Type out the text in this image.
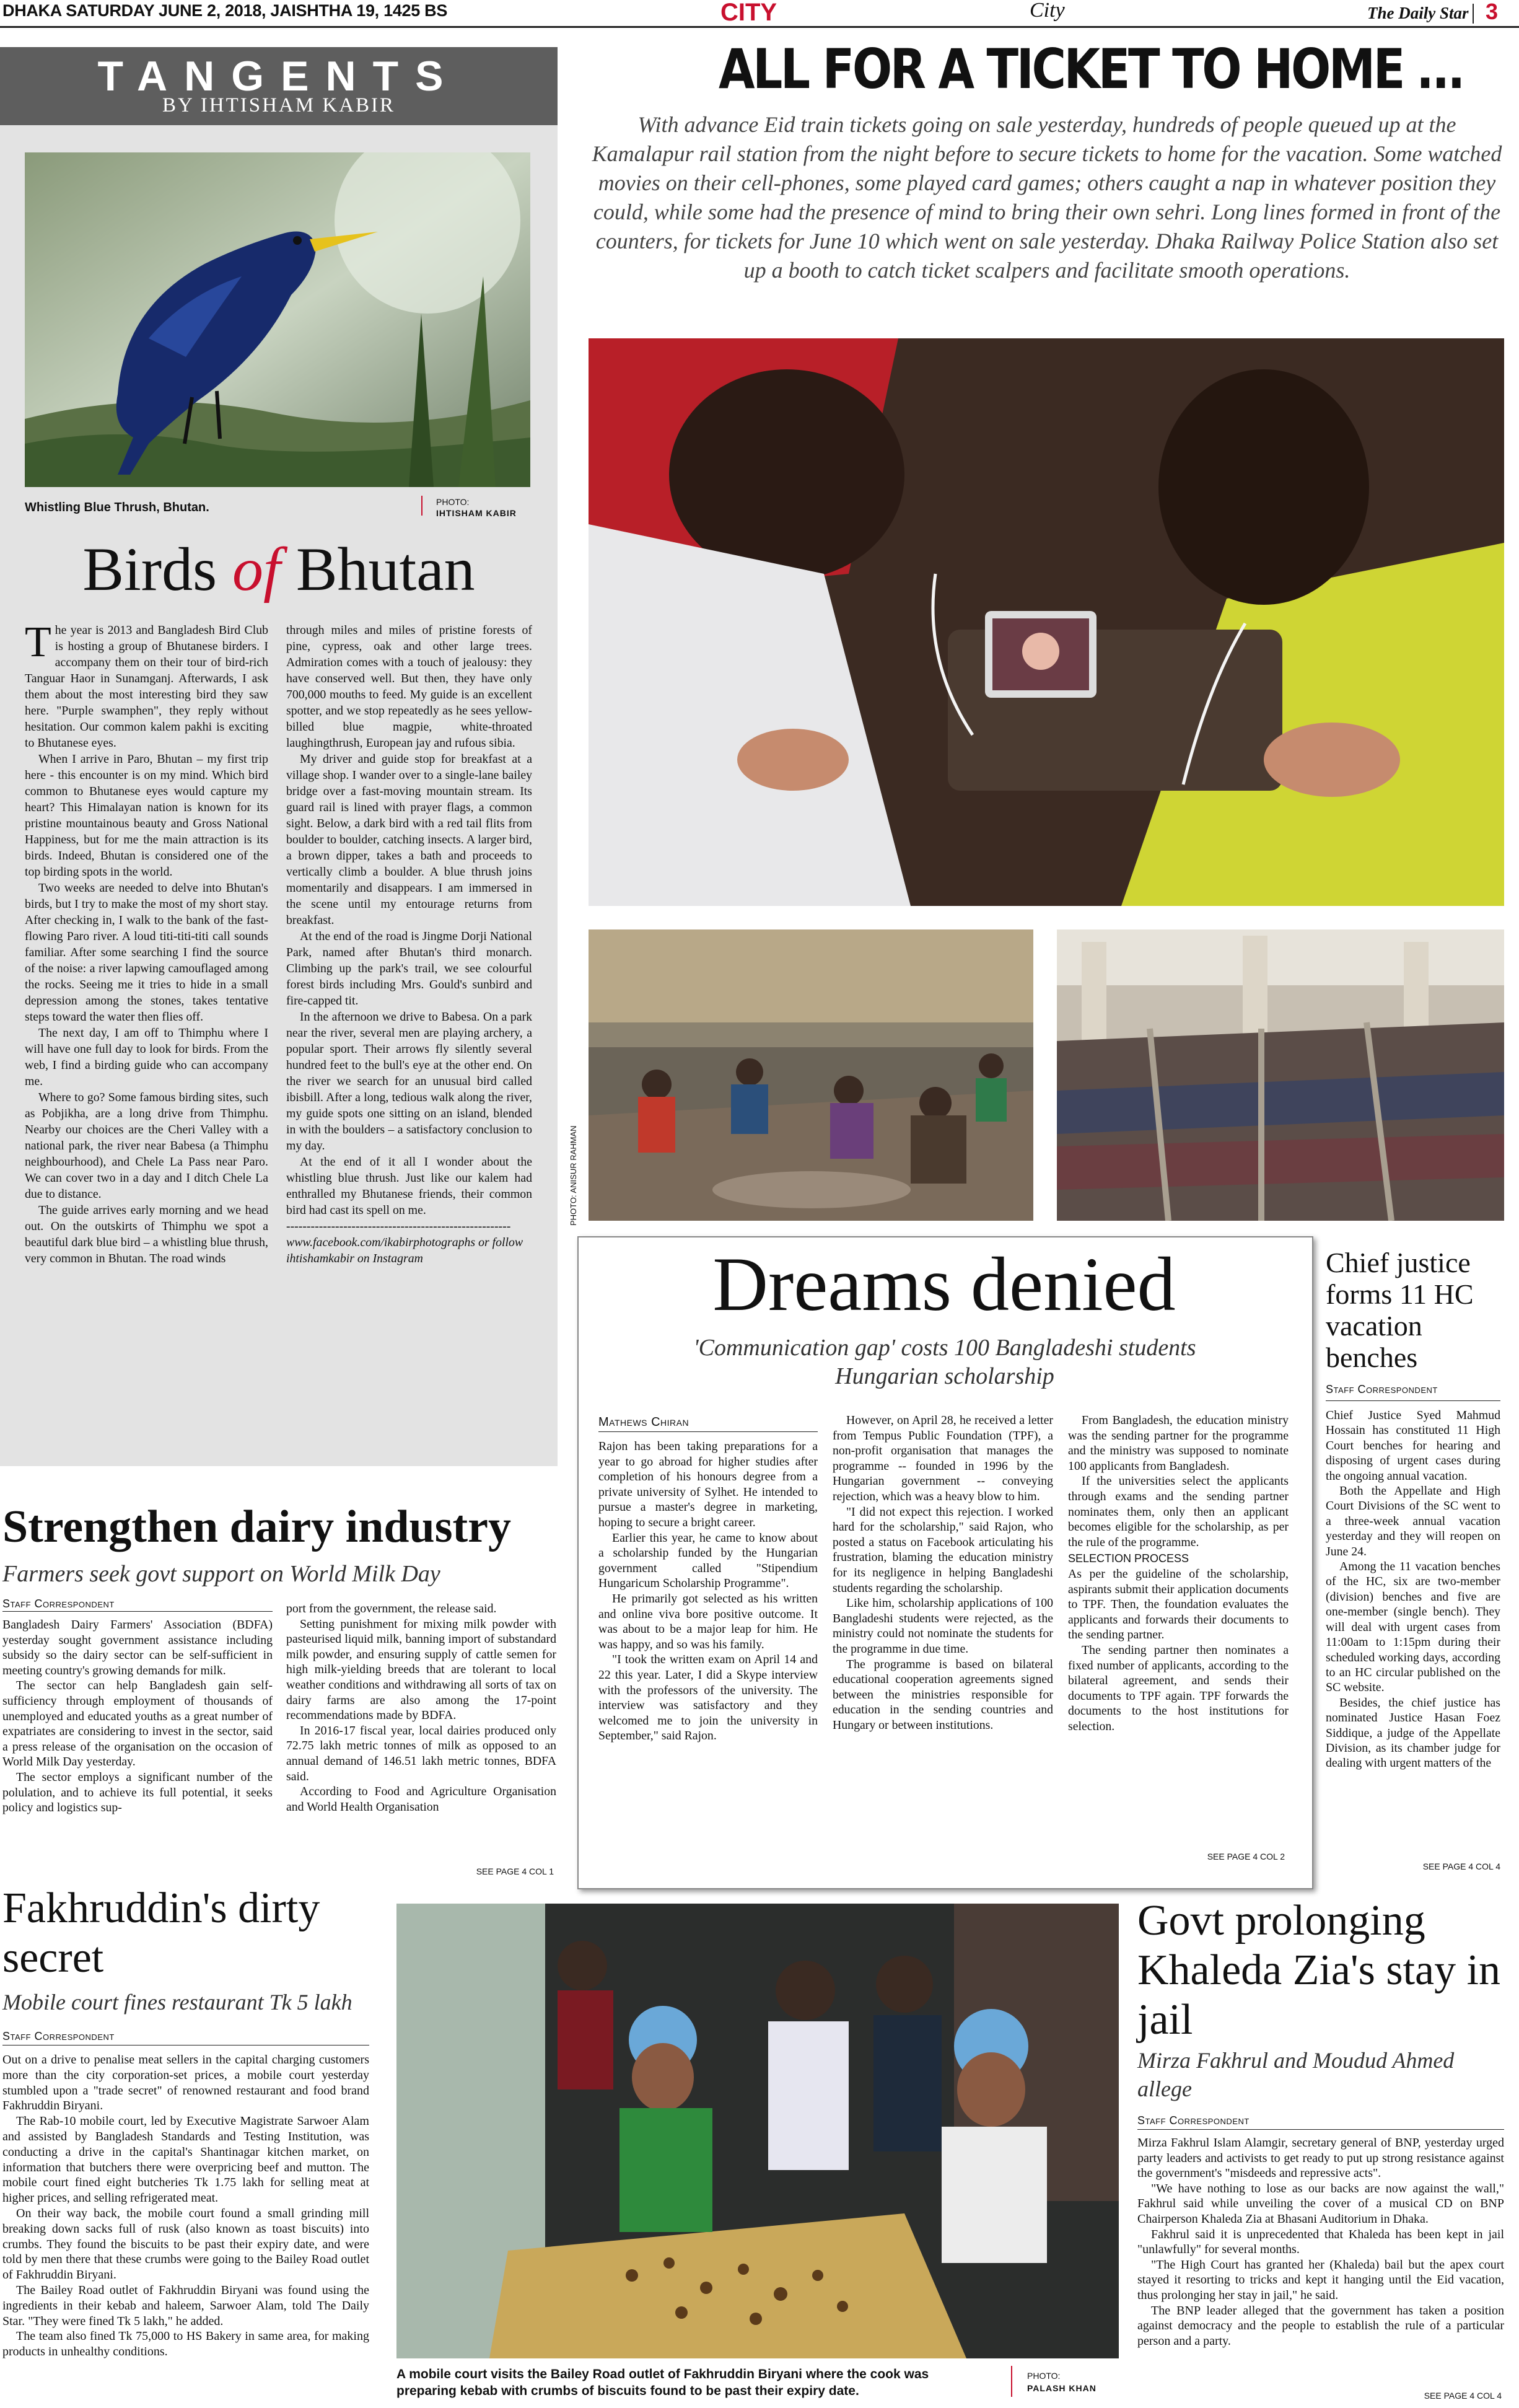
DHAKA SATURDAY JUNE 2, 2018, JAISHTHA 19, 1425 BS	CITY	City	The Daily Star 3
TANGENTS
BY IHTISHAM KABIR
Whistling Blue Thrush, Bhutan.	PHOTO:
IHTISHAM KABIR
Birds of Bhutan

The year is 2013 and Bangladesh Bird Club is hosting a group of Bhutanese birders. I accompany them on their tour of bird-rich Tanguar Haor in Sunamganj. Afterwards, I ask them about the most interesting bird they saw here. "Purple swamphen", they reply without hesitation. Our common kalem pakhi is exciting to Bhutanese eyes.

When I arrive in Paro, Bhutan – my first trip here - this encounter is on my mind. Which bird common to Bhutanese eyes would capture my heart? This Himalayan nation is known for its pristine mountainous beauty and Gross National Happiness, but for me the main attraction is its birds. Indeed, Bhutan is considered one of the top birding spots in the world.

Two weeks are needed to delve into Bhutan's birds, but I try to make the most of my short stay. After checking in, I walk to the bank of the fast-flowing Paro river. A loud titi-titi-titi call sounds familiar. After some searching I find the source of the noise: a river lapwing camouflaged among the rocks. Seeing me it tries to hide in a small depression among the stones, takes tentative steps toward the water then flies off.

The next day, I am off to Thimphu where I will have one full day to look for birds. From the web, I find a birding guide who can accompany me.

Where to go? Some famous birding sites, such as Pobjikha, are a long drive from Thimphu. Nearby our choices are the Cheri Valley with a national park, the river near Babesa (a Thimphu neighbourhood), and Chele La Pass near Paro. We can cover two in a day and I ditch Chele La due to distance.

The guide arrives early morning and we head out. On the outskirts of Thimphu we spot a beautiful dark blue bird – a whistling blue thrush, very common in Bhutan. The road winds

through miles and miles of pristine forests of pine, cypress, oak and other large trees. Admiration comes with a touch of jealousy: they have conserved well. But then, they have only 700,000 mouths to feed. My guide is an excellent spotter, and we stop repeatedly as he sees yellow-billed blue magpie, white-throated laughingthrush, European jay and rufous sibia.

My driver and guide stop for breakfast at a village shop. I wander over to a single-lane bailey bridge over a fast-moving mountain stream. Its guard rail is lined with prayer flags, a common sight. Below, a dark bird with a red tail flits from boulder to boulder, catching insects. A larger bird, a brown dipper, takes a bath and proceeds to vertically climb a boulder. A blue thrush joins momentarily and disappears. I am immersed in the scene until my entourage returns from breakfast.

At the end of the road is Jingme Dorji National Park, named after Bhutan's third monarch. Climbing up the park's trail, we see colourful forest birds including Mrs. Gould's sunbird and fire-capped tit.

In the afternoon we drive to Babesa. On a park near the river, several men are playing archery, a popular sport. Their arrows fly silently several hundred feet to the bull's eye at the other end. On the river we search for an unusual bird called ibisbill. After a long, tedious walk along the river, my guide spots one sitting on an island, blended in with the boulders – a satisfactory conclusion to my day.

At the end of it all I wonder about the whistling blue thrush. Just like our kalem had enthralled my Bhutanese friends, their common bird had cast its spell on me.

-------------------------------------------------------

www.facebook.com/ikabirphotographs or follow ihtishamkabir on Instagram

ALL FOR A TICKET TO HOME …
With advance Eid train tickets going on sale yesterday, hundreds of people queued up at the Kamalapur rail station from the night before to secure tickets to home for the vacation. Some watched movies on their cell-phones, some played card games; others caught a nap in whatever position they could, while some had the presence of mind to bring their own sehri. Long lines formed in front of the counters, for tickets for June 10 which went on sale yesterday. Dhaka Railway Police Station also set up a booth to catch ticket scalpers and facilitate smooth operations.
PHOTO: ANISUR RAHMAN
Dreams denied
'Communication gap' costs 100 Bangladeshi students Hungarian scholarship
Mathews Chiran

Rajon has been taking preparations for a year to go abroad for higher studies after completion of his honours degree from a private university of Sylhet. He intended to pursue a master's degree in marketing, hoping to secure a bright career.

Earlier this year, he came to know about a scholarship funded by the Hungarian government called "Stipendium Hungaricum Scholarship Programme".

He primarily got selected as his written and online viva bore positive outcome. It was about to be a major leap for him. He was happy, and so was his family.

"I took the written exam on April 14 and 22 this year. Later, I did a Skype interview with the professors of the university. The interview was satisfactory and they welcomed me to join the university in September," said Rajon.

However, on April 28, he received a letter from Tempus Public Foundation (TPF), a non-profit organisation that manages the programme -- founded in 1996 by the Hungarian government -- conveying rejection, which was a heavy blow to him.

"I did not expect this rejection. I worked hard for the scholarship," said Rajon, who posted a status on Facebook articulating his frustration, blaming the education ministry for its negligence in helping Bangladeshi students regarding the scholarship.

Like him, scholarship applications of 100 Bangladeshi students were rejected, as the ministry could not nominate the students for the programme in due time.

The programme is based on bilateral educational cooperation agreements signed between the ministries responsible for education in the sending countries and Hungary or between institutions.

From Bangladesh, the education ministry was the sending partner for the programme and the ministry was supposed to nominate 100 applicants from Bangladesh.

If the universities select the applicants through exams and the sending partner nominates them, only then an applicant becomes eligible for the scholarship, as per the rule of the programme.

SELECTION PROCESS

As per the guideline of the scholarship, aspirants submit their application documents to TPF. Then, the foundation evaluates the applicants and forwards their documents to the sending partner.

The sending partner then nominates a fixed number of applicants, according to the bilateral agreement, and sends their documents to TPF again. TPF forwards the documents to the host institutions for selection.

SEE PAGE 4 COL 2
Chief justice forms 11 HC vacation benches
Staff Correspondent

Chief Justice Syed Mahmud Hossain has constituted 11 High Court benches for hearing and disposing of urgent cases during the ongoing annual vacation.

Both the Appellate and High Court Divisions of the SC went to a three-week annual vacation yesterday and they will reopen on June 24.

Among the 11 vacation benches of the HC, six are two-member (division) benches and five are one-member (single bench). They will deal with urgent cases from 11:00am to 1:15pm during their scheduled working days, according to an HC circular published on the SC website.

Besides, the chief justice has nominated Justice Hasan Foez Siddique, a judge of the Appellate Division, as its chamber judge for dealing with urgent matters of the

SEE PAGE 4 COL 4
Strengthen dairy industry
Farmers seek govt support on World Milk Day
Staff Correspondent

Bangladesh Dairy Farmers' Association (BDFA) yesterday sought government assistance including subsidy so the dairy sector can be self-sufficient in meeting country's growing demands for milk.

The sector can help Bangladesh gain self-sufficiency through employment of thousands of unemployed and educated youths as a great number of expatriates are considering to invest in the sector, said a press release of the organisation on the occasion of World Milk Day yesterday.

The sector employs a significant number of the polulation, and to achieve its full potential, it seeks policy and logistics sup-

port from the government, the release said.

Setting punishment for mixing milk powder with pasteurised liquid milk, banning import of substandard milk powder, and ensuring supply of cattle semen for high milk-yielding breeds that are tolerant to local weather conditions and withdrawing all sorts of tax on dairy farms are also among the 17-point recommendations made by BDFA.

In 2016-17 fiscal year, local dairies produced only 72.75 lakh metric tonnes of milk as opposed to an annual demand of 146.51 lakh metric tonnes, BDFA said.

According to Food and Agriculture Organisation and World Health Organisation

SEE PAGE 4 COL 1
Fakhruddin's dirty secret
Mobile court fines restaurant Tk 5 lakh
Staff Correspondent

Out on a drive to penalise meat sellers in the capital charging customers more than the city corporation-set prices, a mobile court yesterday stumbled upon a "trade secret" of renowned restaurant and food brand Fakhruddin Biryani.

The Rab-10 mobile court, led by Executive Magistrate Sarwoer Alam and assisted by Bangladesh Standards and Testing Institution, was conducting a drive in the capital's Shantinagar kitchen market, on information that butchers there were overpricing beef and mutton. The mobile court fined eight butcheries Tk 1.75 lakh for selling meat at higher prices, and selling refrigerated meat.

On their way back, the mobile court found a small grinding mill breaking down sacks full of rusk (also known as toast biscuits) into crumbs. They found the biscuits to be past their expiry date, and were told by men there that these crumbs were going to the Bailey Road outlet of Fakhruddin Biryani.

The Bailey Road outlet of Fakhruddin Biryani was found using the ingredients in their kebab and haleem, Sarwoer Alam, told The Daily Star. "They were fined Tk 5 lakh," he added.

The team also fined Tk 75,000 to HS Bakery in same area, for making products in unhealthy conditions.

A mobile court visits the Bailey Road outlet of Fakhruddin Biryani where the cook was preparing kebab with crumbs of biscuits found to be past their expiry date.
PHOTO:
PALASH KHAN
Govt prolonging Khaleda Zia's stay in jail
Mirza Fakhrul and Moudud Ahmed allege
Staff Correspondent

Mirza Fakhrul Islam Alamgir, secretary general of BNP, yesterday urged party leaders and activists to get ready to put up strong resistance against the government's "misdeeds and repressive acts".

"We have nothing to lose as our backs are now against the wall," Fakhrul said while unveiling the cover of a musical CD on BNP Chairperson Khaleda Zia at Bhasani Auditorium in Dhaka.

Fakhrul said it is unprecedented that Khaleda has been kept in jail "unlawfully" for several months.

"The High Court has granted her (Khaleda) bail but the apex court stayed it resorting to tricks and kept it hanging until the Eid vacation, thus prolonging her stay in jail," he said.

The BNP leader alleged that the government has taken a position against democracy and the people to establish the rule of a particular person and a party.

SEE PAGE 4 COL 4
